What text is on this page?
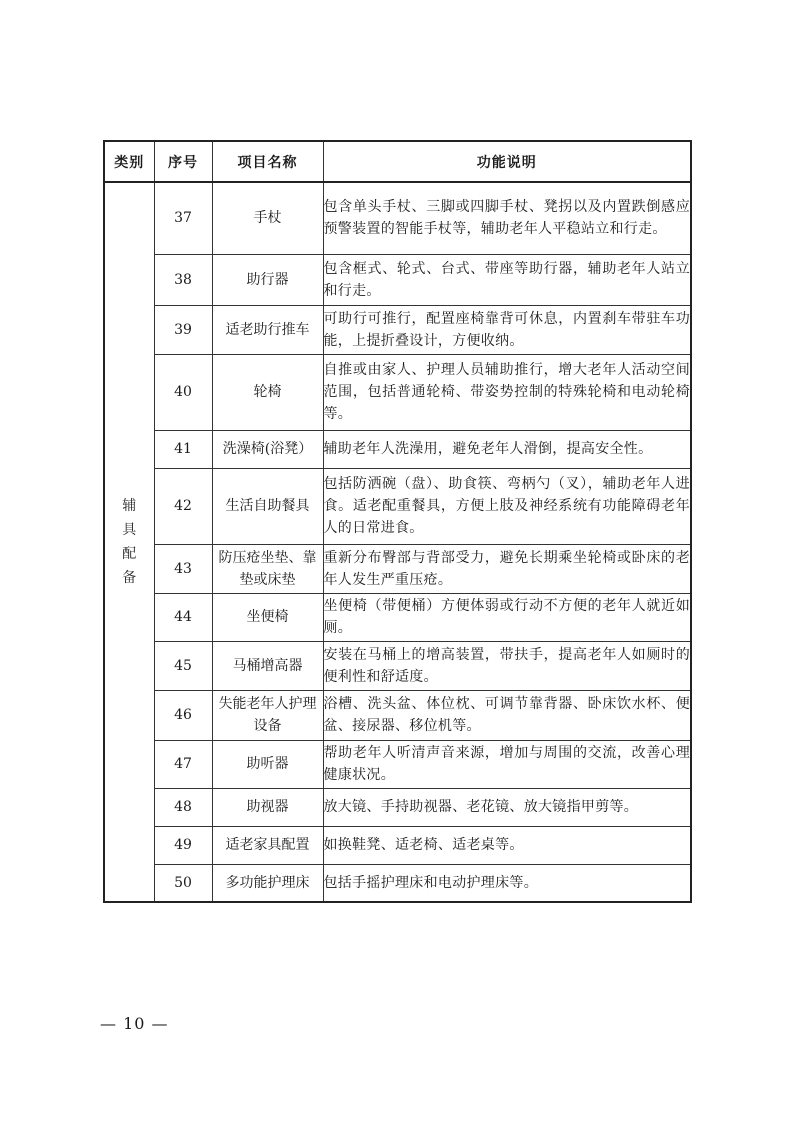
类别	序号	项目名称	功能说明

辅
具
配
备	37	手杖	包含单头手杖、三脚或四脚手杖、凳拐以及内置跌倒感应预警装置的智能手杖等，辅助老年人平稳站立和行走。
	38	助行器	包含框式、轮式、台式、带座等助行器，辅助老年人站立和行走。
	39	适老助行推车	可助行可推行，配置座椅靠背可休息，内置刹车带驻车功能，上提折叠设计，方便收纳。
	40	轮椅	自推或由家人、护理人员辅助推行，增大老年人活动空间范围，包括普通轮椅、带姿势控制的特殊轮椅和电动轮椅等。
	41	洗澡椅(浴凳）	辅助老年人洗澡用，避免老年人滑倒，提高安全性。
	42	生活自助餐具	包括防洒碗（盘）、助食筷、弯柄勺（叉），辅助老年人进食。适老配重餐具，方便上肢及神经系统有功能障碍老年人的日常进食。
	43	防压疮坐垫、靠垫或床垫	重新分布臀部与背部受力，避免长期乘坐轮椅或卧床的老年人发生严重压疮。
	44	坐便椅	坐便椅（带便桶）方便体弱或行动不方便的老年人就近如厕。
	45	马桶增高器	安装在马桶上的增高装置，带扶手，提高老年人如厕时的便利性和舒适度。
	46	失能老年人护理设备	浴槽、洗头盆、体位枕、可调节靠背器、卧床饮水杯、便盆、接尿器、移位机等。
	47	助听器	帮助老年人听清声音来源，增加与周围的交流，改善心理健康状况。
	48	助视器	放大镜、手持助视器、老花镜、放大镜指甲剪等。
	49	适老家具配置	如换鞋凳、适老椅、适老桌等。
	50	多功能护理床	包括手摇护理床和电动护理床等。
— 10 —
